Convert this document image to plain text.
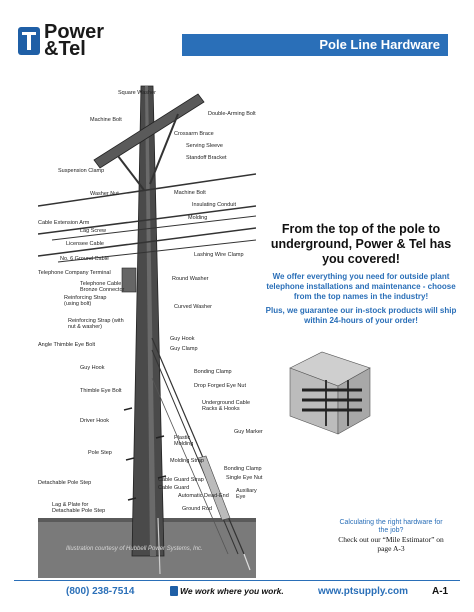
Power
&Tel	Pole Line Hardware
Square Washer
Double-Arming Bolt
Machine Bolt
Crossarm Brace
Serving Sleeve
Standoff Bracket
Suspension Clamp
Washer Nut	Machine Bolt
Insulating Conduit
Molding
Cable Extension Arm
Lag Screw
Licensee Cable
Lashing Wire Clamp
No. 6 Ground Cable
Telephone Company Terminal
Telephone Cable
Bronze Connector
Round Washer
Reinforcing Strap (using bolt)	Curved Washer
Reinforcing Strap (with nut & washer)
Angle Thimble Eye Bolt
Guy Hook
Guy Clamp
Guy Hook
Bonding Clamp
Thimble Eye Bolt
Drop Forged Eye Nut
Underground Cable Racks & Hooks
Driver Hook
Guy Marker
Pole Step
Plastic Molding
Molding Strap
Bonding Clamp
Single Eye Nut
Detachable Pole Step	Cable Guard Strap
Cable Guard	Auxiliary Eye
Automatic Dead-End
Lag & Plate for Detachable Pole Step	Ground Rod
Illustration courtesy of Hubbell Power Systems, Inc.
From the top of the pole to underground, Power & Tel has you covered!
We offer everything you need for outside plant telephone installations and maintenance - choose from the top names in the industry!
Plus, we guarantee our in-stock products will ship within 24-hours of your order!
Calculating the right hardware for the job?
Check out our “Mile Estimator” on page A-3
(800) 238-7514	We work where you work.	www.ptsupply.com A-1
